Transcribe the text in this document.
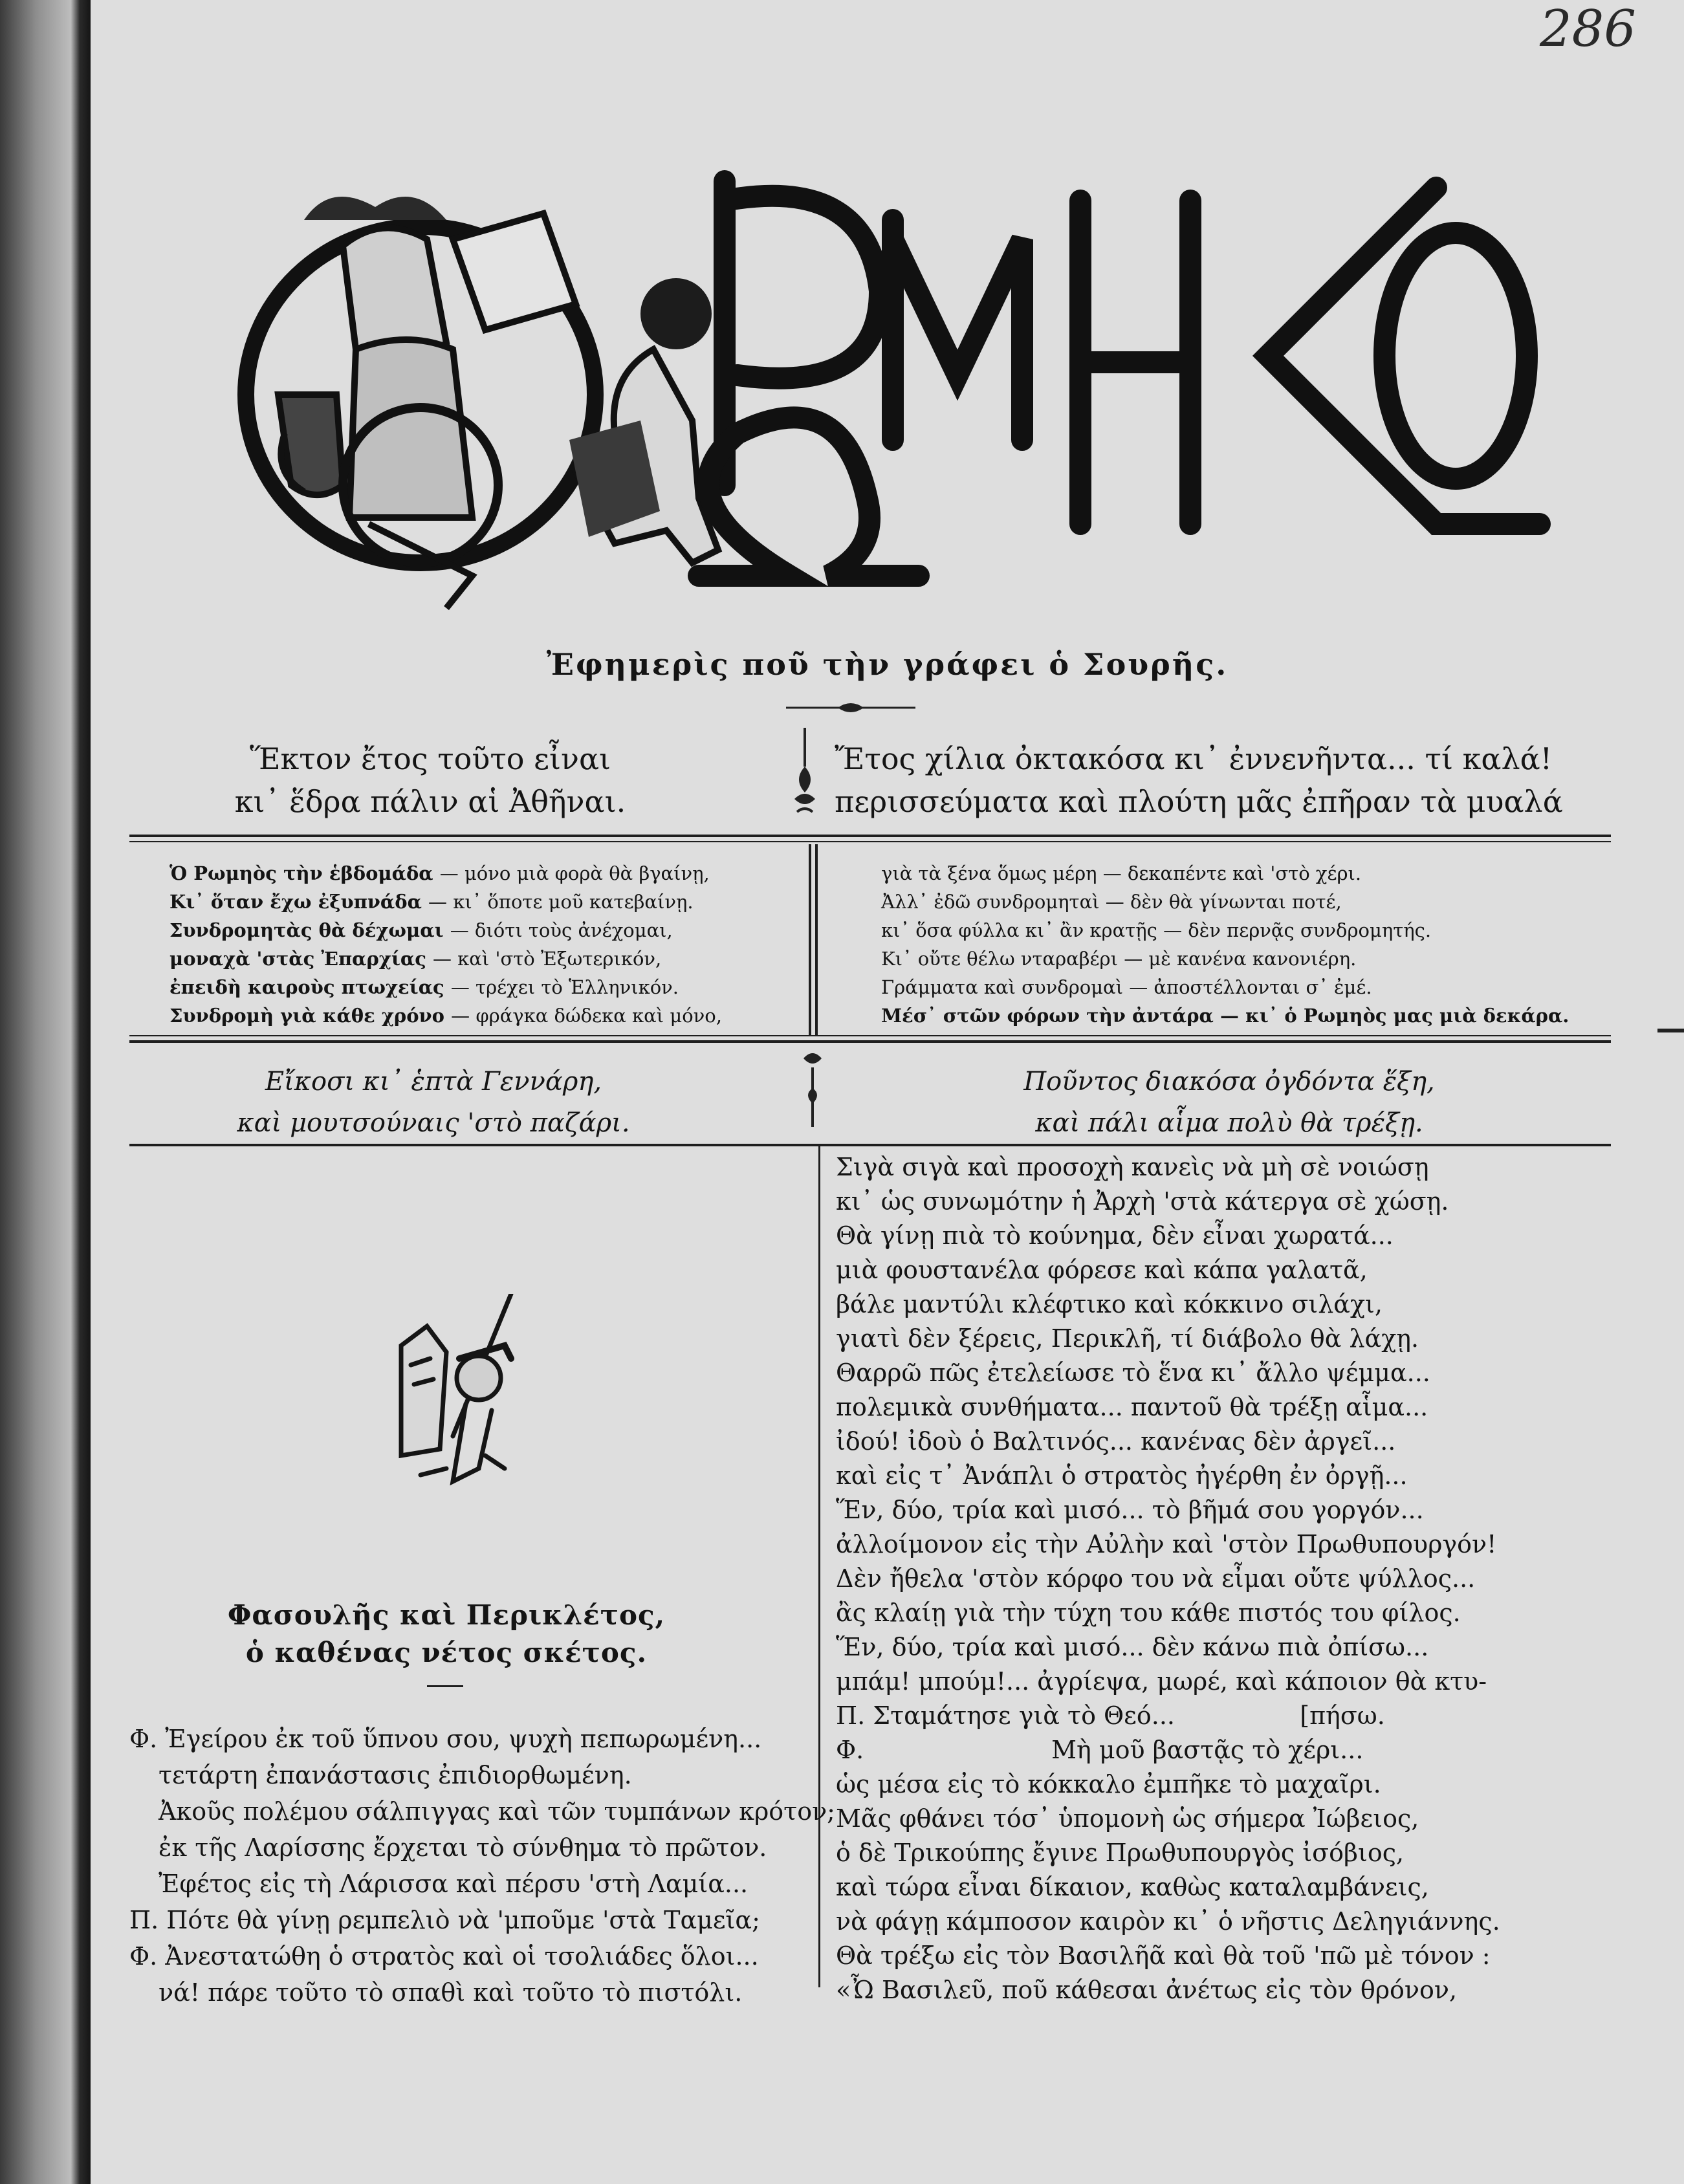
286
Ἐφημερὶς ποῦ τὴν γράφει ὁ Σουρῆς.
Ἕκτον ἔτος τοῦτο εἶναι
κι᾽ ἕδρα πάλιν αἱ Ἀθῆναι.
Ἔτος χίλια ὀκτακόσα κι᾽ ἐννενῆντα... τί καλά!
περισσεύματα καὶ πλούτη μᾶς ἐπῆραν τὰ μυαλά
Ὁ Ρωμηὸς τὴν ἑβδομάδα — μόνο μιὰ φορὰ θὰ βγαίνῃ,
Κι᾽ ὅταν ἔχω ἐξυπνάδα — κι᾽ ὅποτε μοῦ κατεβαίνῃ.
Συνδρομητὰς θὰ δέχωμαι — διότι τοὺς ἀνέχομαι,
μοναχὰ 'στὰς Ἐπαρχίας — καὶ 'στὸ Ἐξωτερικόν,
ἐπειδὴ καιροὺς πτωχείας — τρέχει τὸ Ἑλληνικόν.
Συνδρομὴ γιὰ κάθε χρόνο — φράγκα δώδεκα καὶ μόνο,
γιὰ τὰ ξένα ὅμως μέρη — δεκαπέντε καὶ 'στὸ χέρι.
Ἀλλ᾽ ἐδῶ συνδρομηταὶ — δὲν θὰ γίνωνται ποτέ,
κι᾽ ὅσα φύλλα κι᾽ ἂν κρατῇς — δὲν περνᾷς συνδρομητής.
Κι᾽ οὔτε θέλω νταραβέρι — μὲ κανένα κανονιέρη.
Γράμματα καὶ συνδρομαὶ — ἀποστέλλονται σ᾽ ἐμέ.
Μέσ᾽ στῶν φόρων τὴν ἀντάρα — κι᾽ ὁ Ρωμηὸς μας μιὰ δεκάρα.
Εἴκοσι κι᾽ ἑπτὰ Γεννάρη,
καὶ μουτσούναις 'στὸ παζάρι.
Ποῦντος διακόσα ὀγδόντα ἕξη,
καὶ πάλι αἷμα πολὺ θὰ τρέξῃ.
Φασουλῆς καὶ Περικλέτος,
ὁ καθένας νέτος σκέτος.
Φ. Ἐγείρου ἐκ τοῦ ὕπνου σου, ψυχὴ πεπωρωμένη...
τετάρτη ἐπανάστασις ἐπιδιορθωμένη.
Ἀκοῦς πολέμου σάλπιγγας καὶ τῶν τυμπάνων κρότον;
ἐκ τῆς Λαρίσσης ἔρχεται τὸ σύνθημα τὸ πρῶτον.
Ἐφέτος εἰς τὴ Λάρισσα καὶ πέρσυ 'στὴ Λαμία...
Π. Πότε θὰ γίνῃ ρεμπελιὸ νὰ 'μποῦμε 'στὰ Ταμεῖα;
Φ. Ἀνεστατώθη ὁ στρατὸς καὶ οἱ τσολιάδες ὅλοι...
νά! πάρε τοῦτο τὸ σπαθὶ καὶ τοῦτο τὸ πιστόλι.
Σιγὰ σιγὰ καὶ προσοχὴ κανεὶς νὰ μὴ σὲ νοιώσῃ
κι᾽ ὡς συνωμότην ἡ Ἀρχὴ 'στὰ κάτεργα σὲ χώσῃ.
Θὰ γίνῃ πιὰ τὸ κούνημα, δὲν εἶναι χωρατά...
μιὰ φουστανέλα φόρεσε καὶ κάπα γαλατᾶ,
βάλε μαντύλι κλέφτικο καὶ κόκκινο σιλάχι,
γιατὶ δὲν ξέρεις, Περικλῆ, τί διάβολο θὰ λάχῃ.
Θαρρῶ πῶς ἐτελείωσε τὸ ἕνα κι᾽ ἄλλο ψέμμα...
πολεμικὰ συνθήματα... παντοῦ θὰ τρέξῃ αἷμα...
ἰδού! ἰδοὺ ὁ Βαλτινός... κανένας δὲν ἀργεῖ...
καὶ εἰς τ᾽ Ἀνάπλι ὁ στρατὸς ἠγέρθη ἐν ὀργῇ...
Ἕν, δύο, τρία καὶ μισό... τὸ βῆμά σου γοργόν...
ἀλλοίμονον εἰς τὴν Αὐλὴν καὶ 'στὸν Πρωθυπουργόν!
Δὲν ἤθελα 'στὸν κόρφο του νὰ εἶμαι οὔτε ψύλλος...
ἂς κλαίῃ γιὰ τὴν τύχη του κάθε πιστός του φίλος.
Ἕν, δύο, τρία καὶ μισό... δὲν κάνω πιὰ ὀπίσω...
μπάμ! μπούμ!... ἀγρίεψα, μωρέ, καὶ κάποιον θὰ κτυ-
Π. Σταμάτησε γιὰ τὸ Θεό...                [πήσω.
Φ.                        Μὴ μοῦ βαστᾷς τὸ χέρι...
ὡς μέσα εἰς τὸ κόκκαλο ἐμπῆκε τὸ μαχαῖρι.
Μᾶς φθάνει τόσ᾽ ὑπομονὴ ὡς σήμερα Ἰώβειος,
ὁ δὲ Τρικούπης ἔγινε Πρωθυπουργὸς ἰσόβιος,
καὶ τώρα εἶναι δίκαιον, καθὼς καταλαμβάνεις,
νὰ φάγῃ κάμποσον καιρὸν κι᾽ ὁ νῆστις Δεληγιάννης.
Θὰ τρέξω εἰς τὸν Βασιλῆᾶ καὶ θὰ τοῦ 'πῶ μὲ τόνον :
«Ὦ Βασιλεῦ, ποῦ κάθεσαι ἀνέτως εἰς τὸν θρόνον,
